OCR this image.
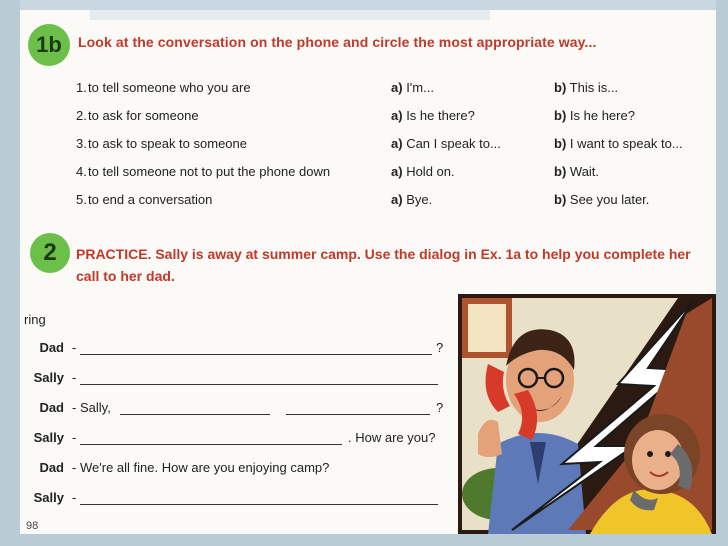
1b	Look at the conversation on the phone and circle the most appropriate way...
1. to tell someone who you are	a) I'm...	b) This is...
2. to ask for someone	a) Is he there?	b) Is he here?
3. to ask to speak to someone	a) Can I speak to...	b) I want to speak to...
4. to tell someone not to put the phone down	a) Hold on.	b) Wait.
5. to end a conversation	a) Bye.	b) See you later.
2	PRACTICE. Sally is away at summer camp. Use the dialog in Ex. 1a to help you complete her call to her dad.
ring
Dad -	?
Sally -
Dad - Sally,	?
Sally -	. How are you?
Dad - We're all fine. How are you enjoying camp?
Sally -
98
